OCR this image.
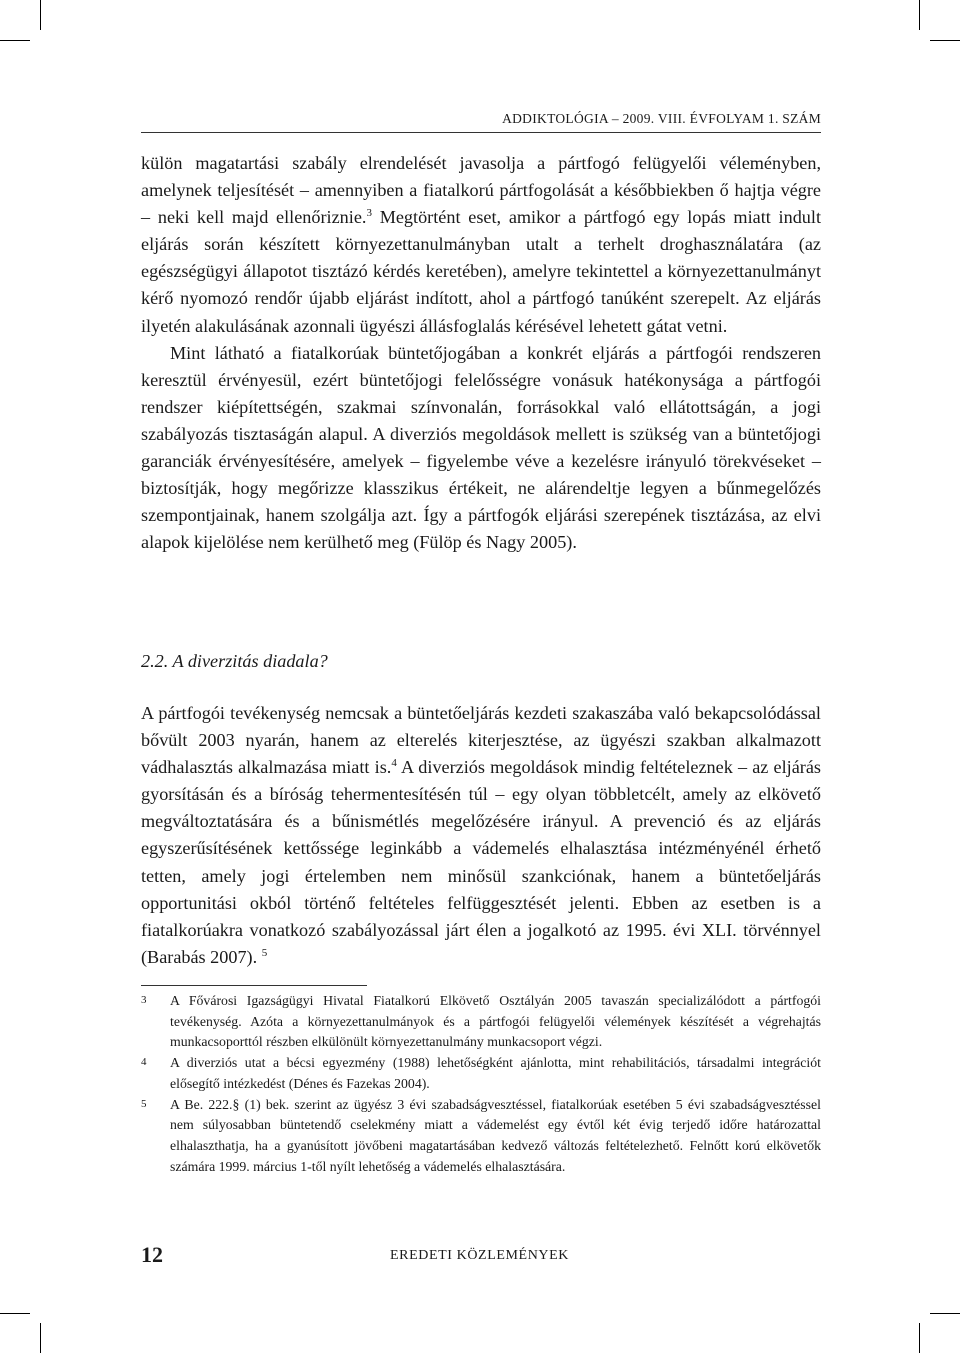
ADDIKTOLÓGIA – 2009. VIII. ÉVFOLYAM 1. SZÁM

külön magatartási szabály elrendelését javasolja a pártfogó felügyelői véleményben, amelynek teljesítését – amennyiben a fiatalkorú pártfogolását a későbbiekben ő hajtja végre – neki kell majd ellenőriznie.$^3$ Megtörtént eset, amikor a pártfogó egy lopás miatt indult eljárás során készített környezettanulmányban utalt a terhelt droghasználatára (az egészségügyi állapotot tisztázó kérdés keretében), amelyre tekintettel a környezettanulmányt kérő nyomozó rendőr újabb eljárást indított, ahol a pártfogó tanúként szerepelt. Az eljárás ilyetén alakulásának azonnali ügyészi állásfoglalás kérésével lehetett gátat vetni.

Mint látható a fiatalkorúak büntetőjogában a konkrét eljárás a pártfogói rendszeren keresztül érvényesül, ezért büntetőjogi felelősségre vonásuk hatékonysága a pártfogói rendszer kiépítettségén, szakmai színvonalán, forrásokkal való ellátottságán, a jogi szabályozás tisztaságán alapul. A diverziós megoldások mellett is szükség van a büntetőjogi garanciák érvényesítésére, amelyek – figyelembe véve a kezelésre irányuló törekvéseket – biztosítják, hogy megőrizze klasszikus értékeit, ne alárendeltje legyen a bűnmegelőzés szempontjainak, hanem szolgálja azt. Így a pártfogók eljárási szerepének tisztázása, az elvi alapok kijelölése nem kerülhető meg (Fülöp és Nagy 2005).

2.2. A diverzitás diadala?

A pártfogói tevékenység nemcsak a büntetőeljárás kezdeti szakaszába való bekapcsolódással bővült 2003 nyarán, hanem az elterelés kiterjesztése, az ügyészi szakban alkalmazott vádhalasztás alkalmazása miatt is.$^4$ A diverziós megoldások mindig feltételeznek – az eljárás gyorsításán és a bíróság tehermentesítésén túl – egy olyan többletcélt, amely az elkövető megváltoztatására és a bűnismétlés megelőzésére irányul. A prevenció és az eljárás egyszerűsítésének kettőssége leginkább a vádemelés elhalasztása intézményénél érhető tetten, amely jogi értelemben nem minősül szankciónak, hanem a büntetőeljárás opportunitási okból történő feltételes felfüggesztését jelenti. Ebben az esetben is a fiatalkorúakra vonatkozó szabályozással járt élen a jogalkotó az 1995. évi XLI. törvénnyel (Barabás 2007). $^5$

3	A Fővárosi Igazságügyi Hivatal Fiatalkorú Elkövető Osztályán 2005 tavaszán specializálódott a pártfogói tevékenység. Azóta a környezettanulmányok és a pártfogói felügyelői vélemények készítését a végrehajtás munkacsoporttól részben elkülönült környezettanulmány munkacsoport végzi.
4	A diverziós utat a bécsi egyezmény (1988) lehetőségként ajánlotta, mint rehabilitációs, társadalmi integrációt elősegítő intézkedést (Dénes és Fazekas 2004).
5	A Be. 222.§ (1) bek. szerint az ügyész 3 évi szabadságvesztéssel, fiatalkorúak esetében 5 évi szabadságvesztéssel nem súlyosabban büntetendő cselekmény miatt a vádemelést egy évtől két évig terjedő időre határozattal elhalaszthatja, ha a gyanúsított jövőbeni magatartásában kedvező változás feltételezhető. Felnőtt korú elkövetők számára 1999. március 1-től nyílt lehetőség a vádemelés elhalasztására.
12	EREDETI KÖZLEMÉNYEK
